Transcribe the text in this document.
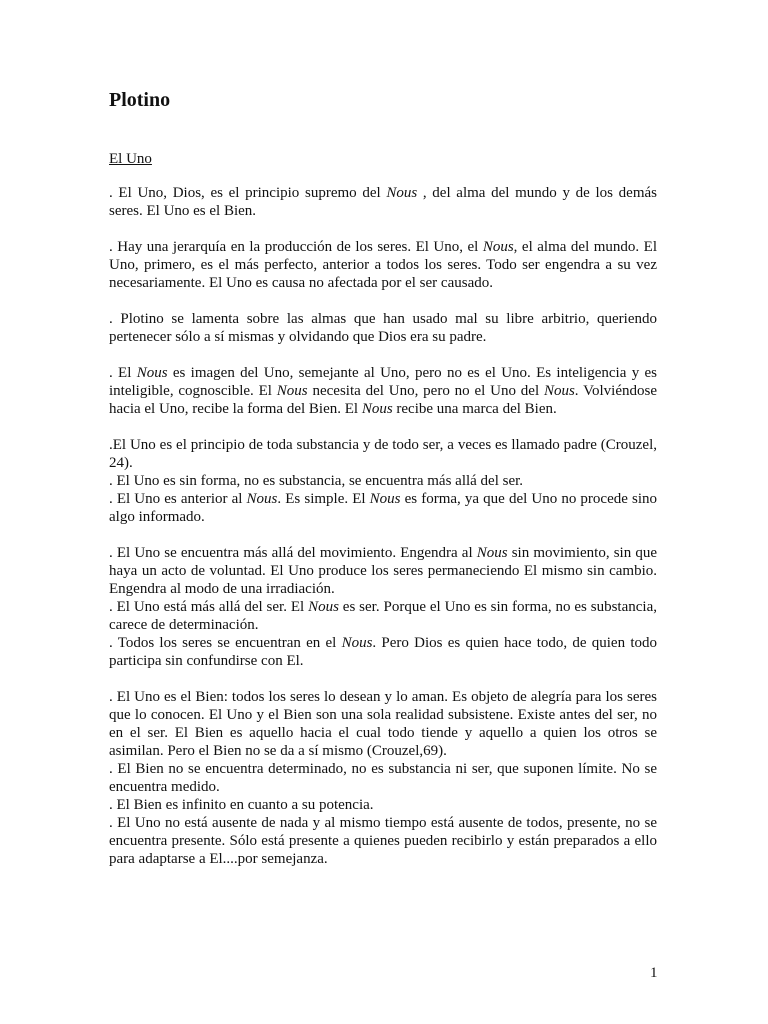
Plotino
El Uno

. El Uno, Dios, es el principio supremo del Nous , del alma del mundo y de los demás seres. El Uno es el Bien.

. Hay una jerarquía en la producción de los seres. El Uno, el Nous, el alma del mundo. El Uno, primero, es el más perfecto, anterior a todos los seres. Todo ser engendra a su vez necesariamente. El Uno es causa no afectada por el ser causado.

. Plotino se lamenta sobre las almas que han usado mal su libre arbitrio, queriendo pertenecer sólo a sí mismas y olvidando que Dios era su padre.

. El Nous es imagen del Uno, semejante al Uno, pero no es el Uno. Es inteligencia y es inteligible, cognoscible. El Nous necesita del Uno, pero no el Uno del Nous. Volviéndose hacia el Uno, recibe la forma del Bien. El Nous recibe una marca del Bien.

.El Uno es el principio de toda substancia y de todo ser, a veces es llamado padre (Crouzel, 24).

. El Uno es sin forma, no es substancia, se encuentra más allá del ser.

. El Uno es anterior al Nous. Es simple. El Nous es forma, ya que del Uno no procede sino algo informado.

. El Uno se encuentra más allá del movimiento. Engendra al Nous sin movimiento, sin que haya un acto de voluntad. El Uno produce los seres permaneciendo El mismo sin cambio. Engendra al modo de una irradiación.

. El Uno está más allá del ser. El Nous es ser. Porque el Uno es sin forma, no es substancia, carece de determinación.

. Todos los seres se encuentran en el Nous. Pero Dios es quien hace todo, de quien todo participa sin confundirse con El.

. El Uno es el Bien: todos los seres lo desean y lo aman. Es objeto de alegría para los seres que lo conocen. El Uno y el Bien son una sola realidad subsistene. Existe antes del ser, no en el ser. El Bien es aquello hacia el cual todo tiende y aquello a quien los otros se asimilan. Pero el Bien no se da a sí mismo (Crouzel,69).

. El Bien no se encuentra determinado, no es substancia ni ser, que suponen límite. No se encuentra medido.

. El Bien es infinito en cuanto a su potencia.

. El Uno no está ausente de nada y al mismo tiempo está ausente de todos, presente, no se encuentra presente. Sólo está presente a quienes pueden recibirlo y están preparados a ello para adaptarse a El....por semejanza.

1
